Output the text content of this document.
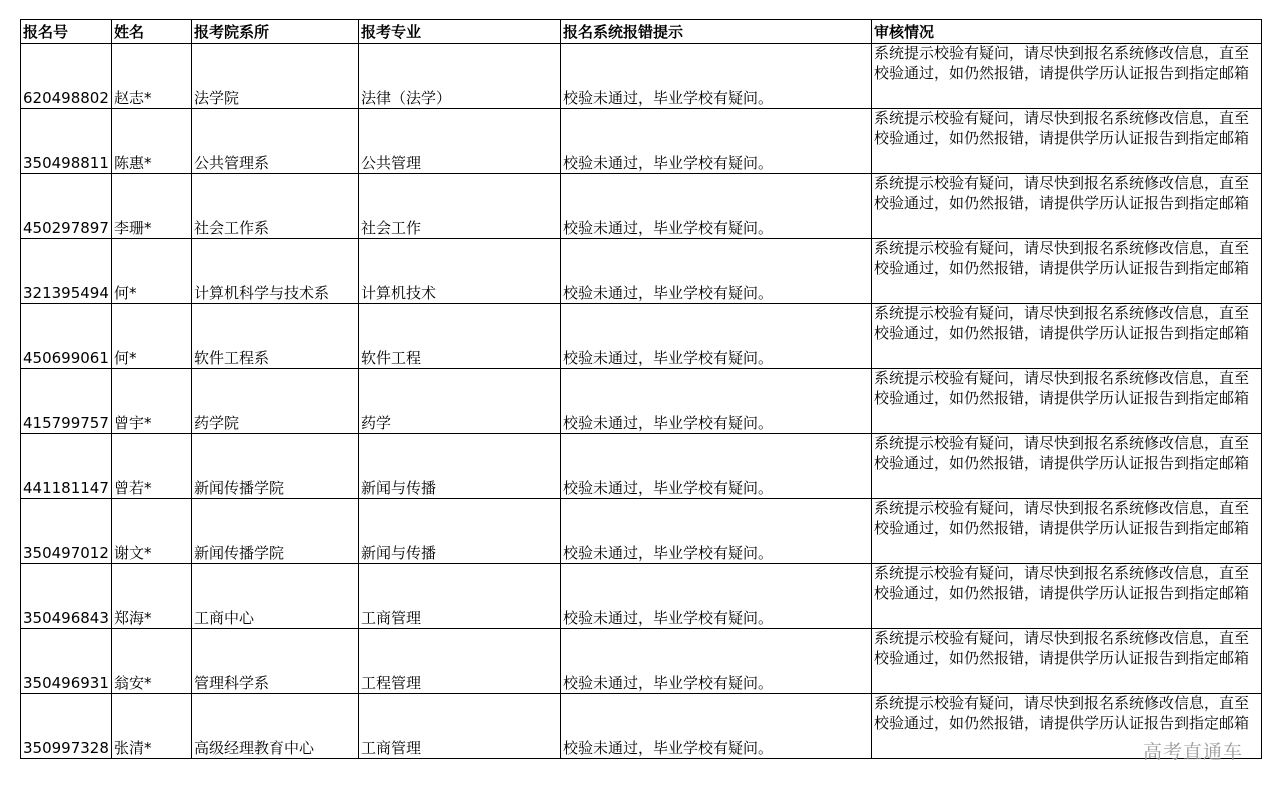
报名号	姓名	报考院系所	报考专业	报名系统报错提示	审核情况
620498802	赵志*	法学院	法律（法学）	校验未通过，毕业学校有疑问。	系统提示校验有疑问，请尽快到报名系统修改信息，直至校验通过，如仍然报错，请提供学历认证报告到指定邮箱
350498811	陈惠*	公共管理系	公共管理	校验未通过，毕业学校有疑问。	系统提示校验有疑问，请尽快到报名系统修改信息，直至校验通过，如仍然报错，请提供学历认证报告到指定邮箱
450297897	李珊*	社会工作系	社会工作	校验未通过，毕业学校有疑问。	系统提示校验有疑问，请尽快到报名系统修改信息，直至校验通过，如仍然报错，请提供学历认证报告到指定邮箱
321395494	何*	计算机科学与技术系	计算机技术	校验未通过，毕业学校有疑问。	系统提示校验有疑问，请尽快到报名系统修改信息，直至校验通过，如仍然报错，请提供学历认证报告到指定邮箱
450699061	何*	软件工程系	软件工程	校验未通过，毕业学校有疑问。	系统提示校验有疑问，请尽快到报名系统修改信息，直至校验通过，如仍然报错，请提供学历认证报告到指定邮箱
415799757	曾宇*	药学院	药学	校验未通过，毕业学校有疑问。	系统提示校验有疑问，请尽快到报名系统修改信息，直至校验通过，如仍然报错，请提供学历认证报告到指定邮箱
441181147	曾若*	新闻传播学院	新闻与传播	校验未通过，毕业学校有疑问。	系统提示校验有疑问，请尽快到报名系统修改信息，直至校验通过，如仍然报错，请提供学历认证报告到指定邮箱
350497012	谢文*	新闻传播学院	新闻与传播	校验未通过，毕业学校有疑问。	系统提示校验有疑问，请尽快到报名系统修改信息，直至校验通过，如仍然报错，请提供学历认证报告到指定邮箱
350496843	郑海*	工商中心	工商管理	校验未通过，毕业学校有疑问。	系统提示校验有疑问，请尽快到报名系统修改信息，直至校验通过，如仍然报错，请提供学历认证报告到指定邮箱
350496931	翁安*	管理科学系	工程管理	校验未通过，毕业学校有疑问。	系统提示校验有疑问，请尽快到报名系统修改信息，直至校验通过，如仍然报错，请提供学历认证报告到指定邮箱
350997328	张清*	高级经理教育中心	工商管理	校验未通过，毕业学校有疑问。	系统提示校验有疑问，请尽快到报名系统修改信息，直至校验通过，如仍然报错，请提供学历认证报告到指定邮箱
高考直通车
